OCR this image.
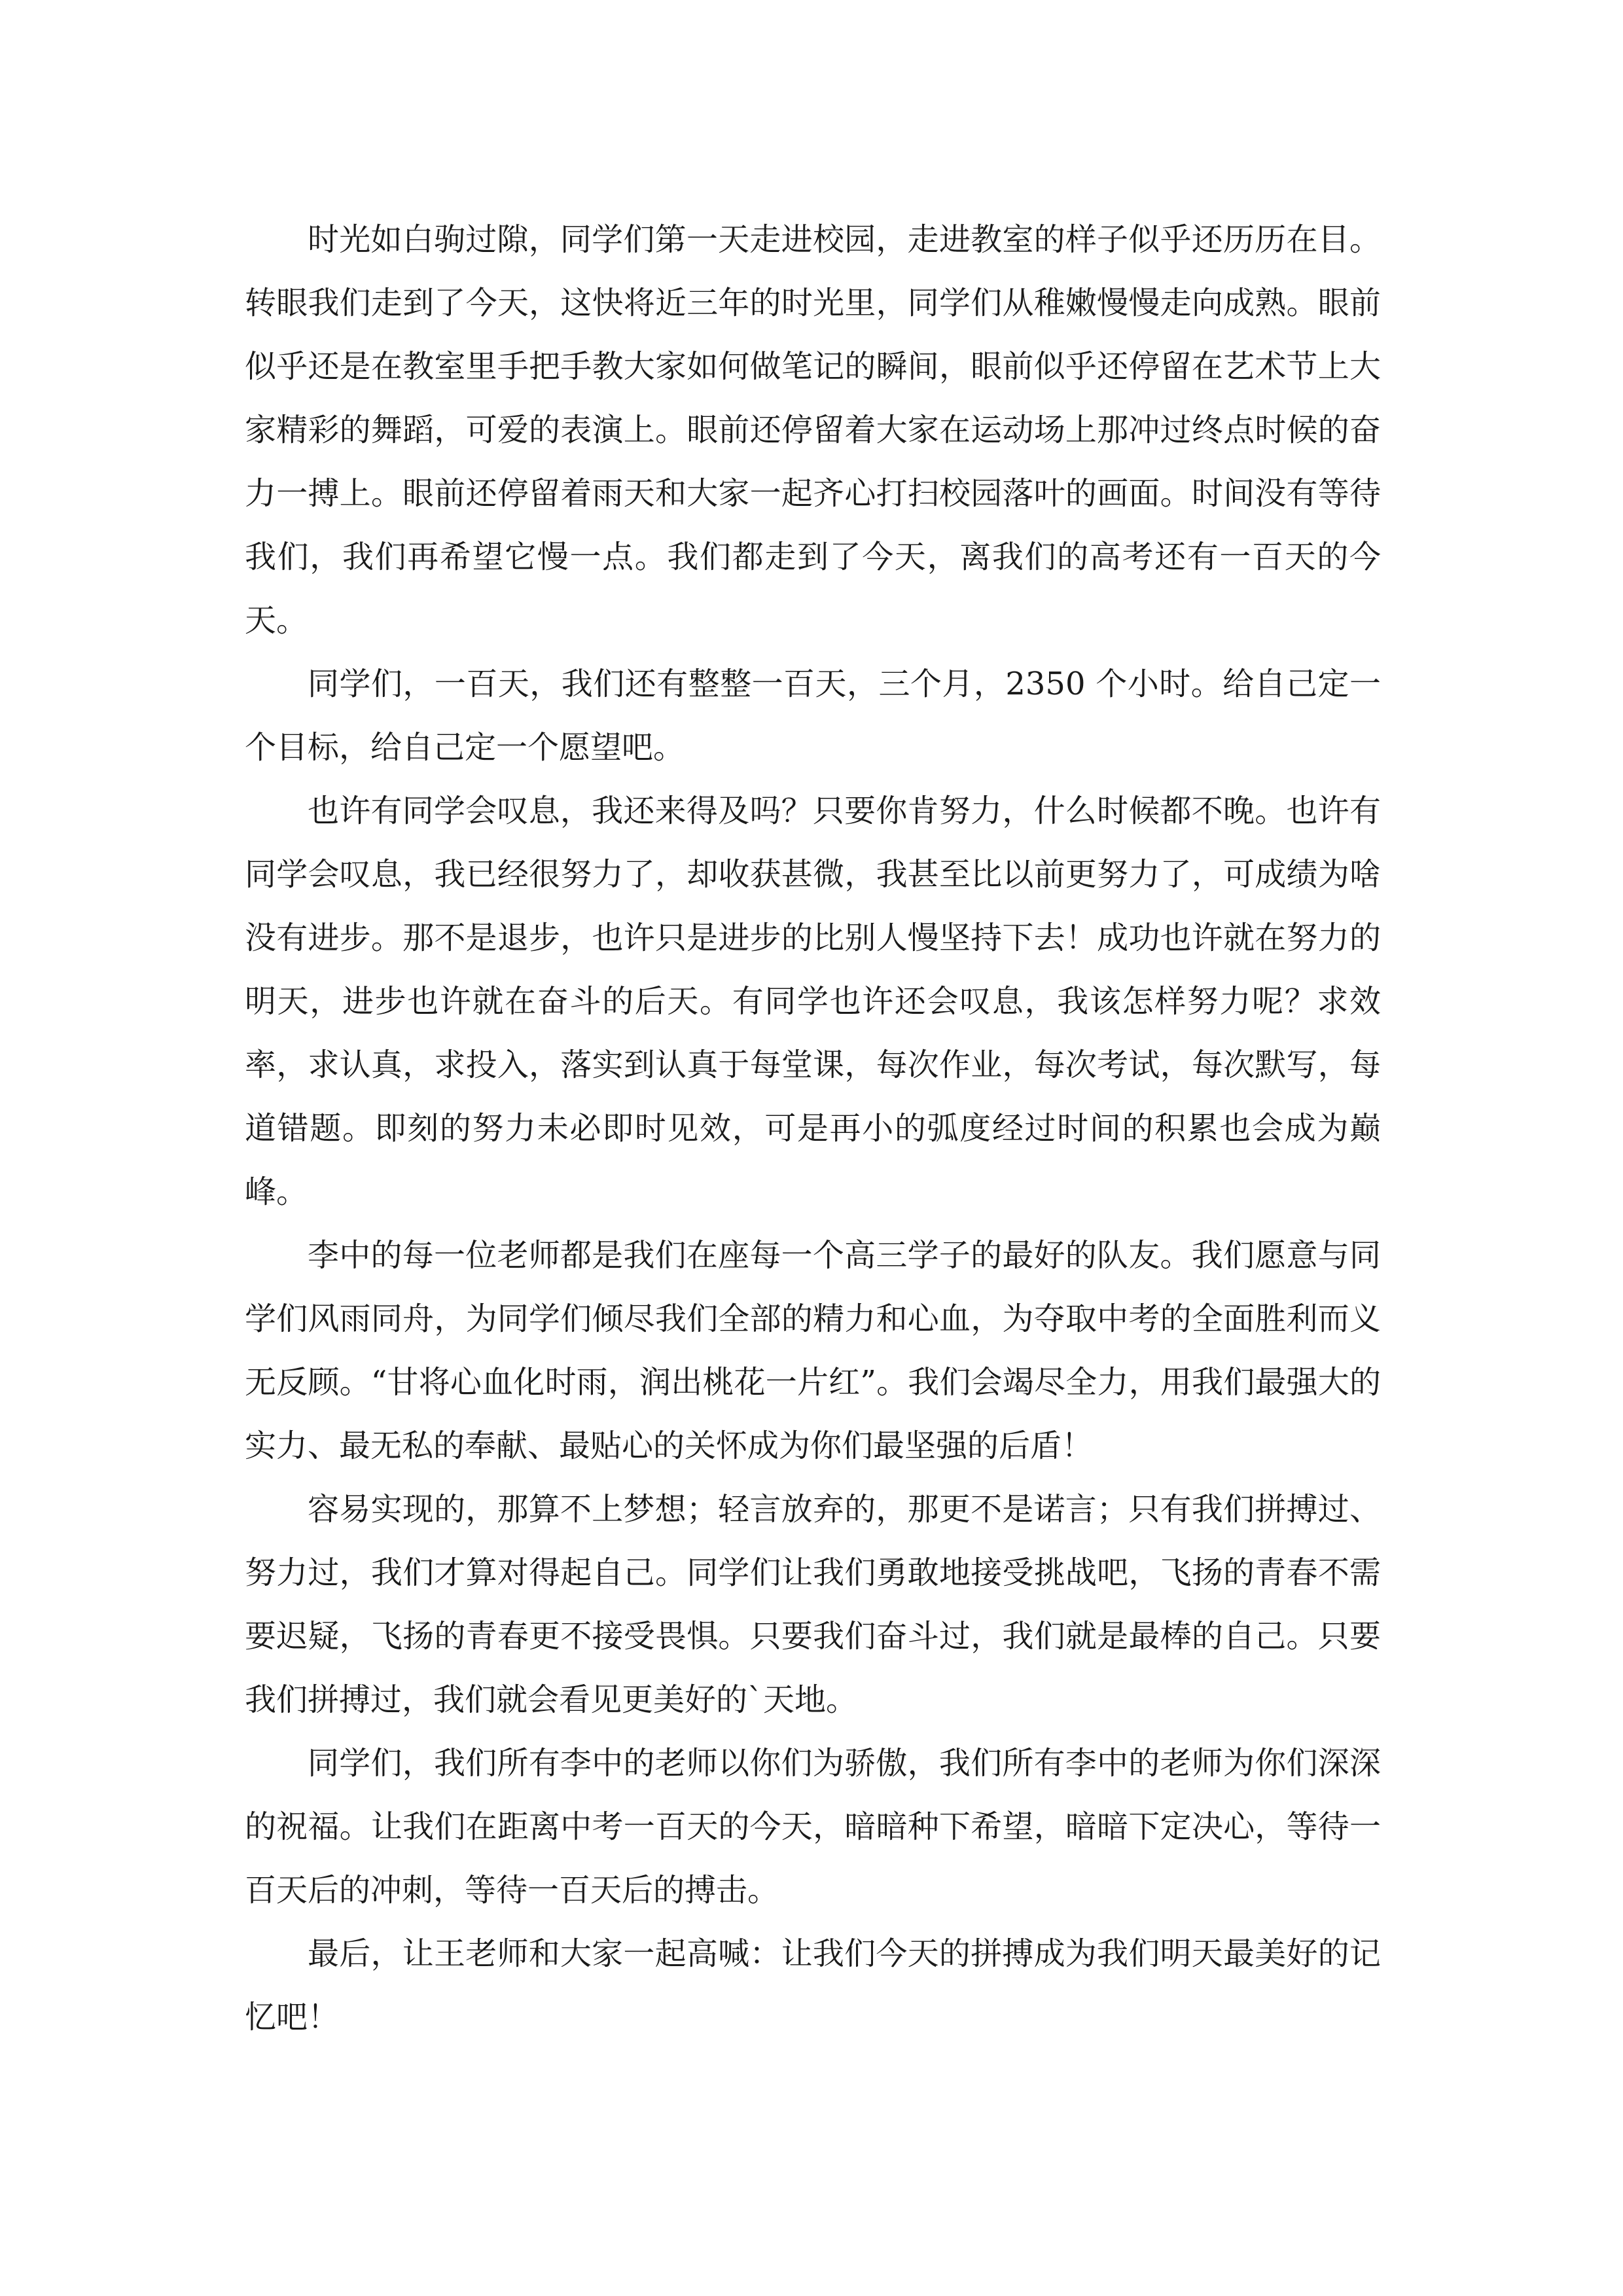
时光如白驹过隙，同学们第一天走进校园，走进教室的样子似乎还历历在目。转眼我们走到了今天，这快将近三年的时光里，同学们从稚嫩慢慢走向成熟。眼前似乎还是在教室里手把手教大家如何做笔记的瞬间，眼前似乎还停留在艺术节上大家精彩的舞蹈，可爱的表演上。眼前还停留着大家在运动场上那冲过终点时候的奋力一搏上。眼前还停留着雨天和大家一起齐心打扫校园落叶的画面。时间没有等待我们，我们再希望它慢一点。我们都走到了今天，离我们的高考还有一百天的今天。

同学们，一百天，我们还有整整一百天，三个月，2350 个小时。给自己定一个目标，给自己定一个愿望吧。

也许有同学会叹息，我还来得及吗？只要你肯努力，什么时候都不晚。也许有同学会叹息，我已经很努力了，却收获甚微，我甚至比以前更努力了，可成绩为啥没有进步。那不是退步，也许只是进步的比别人慢坚持下去！成功也许就在努力的明天，进步也许就在奋斗的后天。有同学也许还会叹息，我该怎样努力呢？求效率，求认真，求投入，落实到认真于每堂课，每次作业，每次考试，每次默写，每道错题。即刻的努力未必即时见效，可是再小的弧度经过时间的积累也会成为巅峰。

李中的每一位老师都是我们在座每一个高三学子的最好的队友。我们愿意与同学们风雨同舟，为同学们倾尽我们全部的精力和心血，为夺取中考的全面胜利而义无反顾。“甘将心血化时雨，润出桃花一片红”。我们会竭尽全力，用我们最强大的实力、最无私的奉献、最贴心的关怀成为你们最坚强的后盾！

容易实现的，那算不上梦想；轻言放弃的，那更不是诺言；只有我们拼搏过、努力过，我们才算对得起自己。同学们让我们勇敢地接受挑战吧，飞扬的青春不需要迟疑，飞扬的青春更不接受畏惧。只要我们奋斗过，我们就是最棒的自己。只要我们拼搏过，我们就会看见更美好的`天地。

同学们，我们所有李中的老师以你们为骄傲，我们所有李中的老师为你们深深的祝福。让我们在距离中考一百天的今天，暗暗种下希望，暗暗下定决心，等待一百天后的冲刺，等待一百天后的搏击。

最后，让王老师和大家一起高喊：让我们今天的拼搏成为我们明天最美好的记忆吧！
